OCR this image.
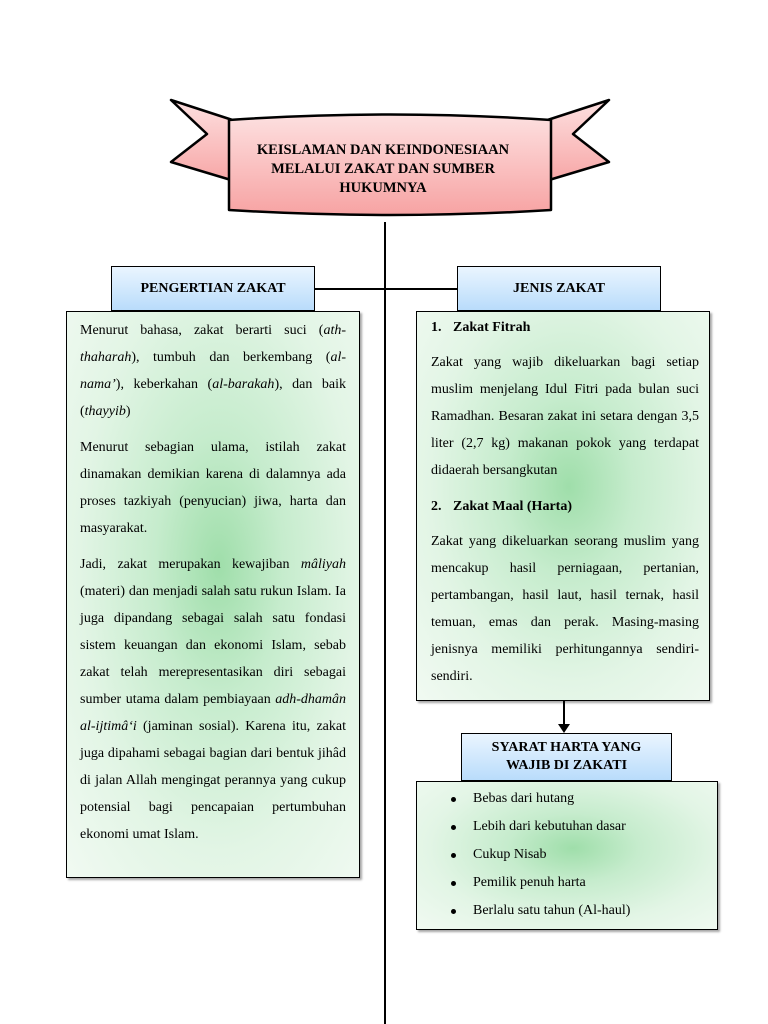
KEISLAMAN DAN KEINDONESIAAN
MELALUI ZAKAT DAN SUMBER
HUKUMNYA
PENGERTIAN ZAKAT

Menurut bahasa, zakat berarti suci (ath-thaharah), tumbuh dan berkembang (al-nama’), keberkahan (al-barakah), dan baik (thayyib)

Menurut sebagian ulama, istilah zakat dinamakan demikian karena di dalamnya ada proses tazkiyah (penyucian) jiwa, harta dan masyarakat.

Jadi, zakat merupakan kewajiban mâliyah (materi) dan menjadi salah satu rukun Islam. Ia juga dipandang sebagai salah satu fondasi sistem keuangan dan ekonomi Islam, sebab zakat telah merepresentasikan diri sebagai sumber utama dalam pembiayaan adh-dhamân al-ijtimâ‘i (jaminan sosial). Karena itu, zakat juga dipahami sebagai bagian dari bentuk jihâd di jalan Allah mengingat perannya yang cukup potensial bagi pencapaian pertumbuhan ekonomi umat Islam.

JENIS ZAKAT

1. Zakat Fitrah

Zakat yang wajib dikeluarkan bagi setiap muslim menjelang Idul Fitri pada bulan suci Ramadhan. Besaran zakat ini setara dengan 3,5 liter (2,7 kg) makanan pokok yang terdapat didaerah bersangkutan

2. Zakat Maal (Harta)

Zakat yang dikeluarkan seorang muslim yang mencakup hasil perniagaan, pertanian, pertambangan, hasil laut, hasil ternak, hasil temuan, emas dan perak. Masing-masing jenisnya memiliki perhitungannya sendiri-sendiri.

SYARAT HARTA YANG
WAJIB DI ZAKATI
Bebas dari hutang
Lebih dari kebutuhan dasar
Cukup Nisab
Pemilik penuh harta
Berlalu satu tahun (Al-haul)
